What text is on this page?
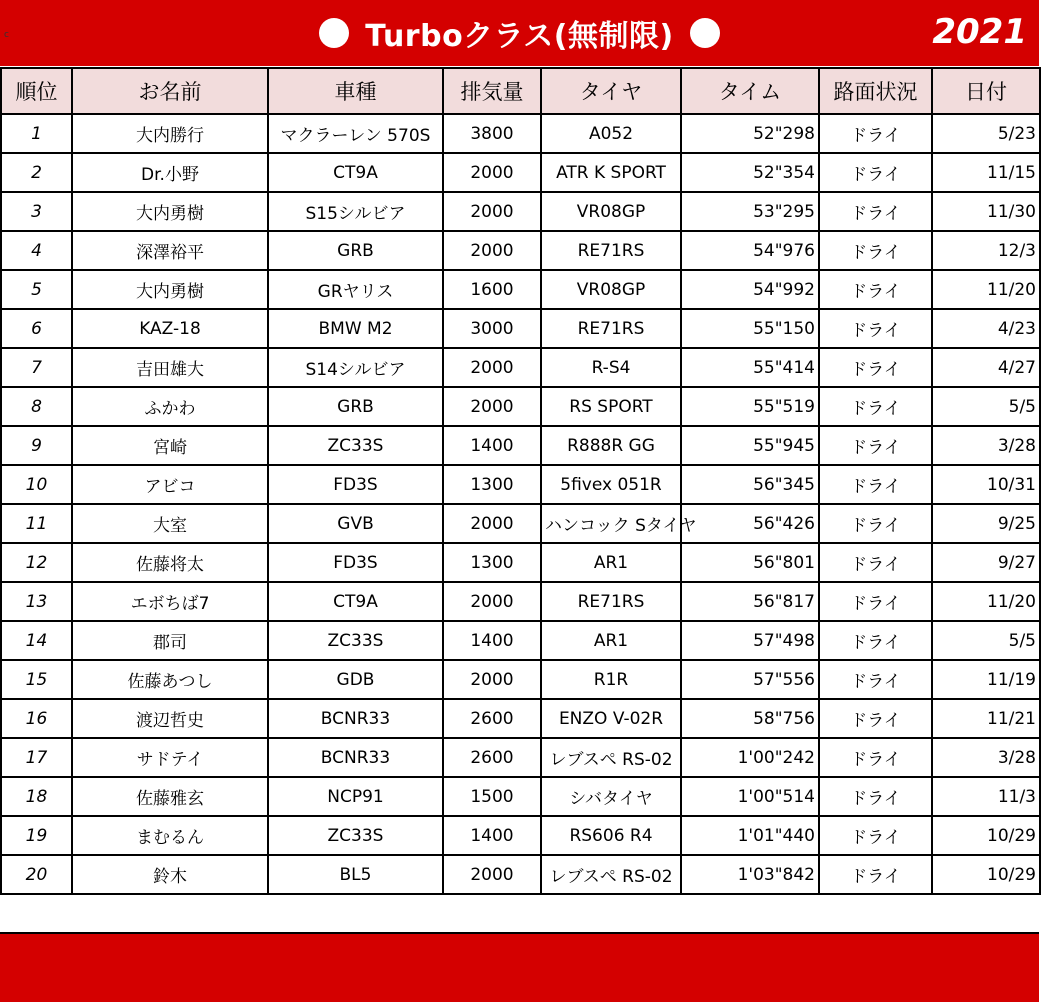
c	Turboクラス(無制限)	2021
順位	お名前	車種	排気量	タイヤ	タイム	路面状況	日付
1	大内勝行	マクラーレン 570S	3800	A052	52"298	ドライ	5/23
2	Dr.小野	CT9A	2000	ATR K SPORT	52"354	ドライ	11/15
3	大内勇樹	S15シルビア	2000	VR08GP	53"295	ドライ	11/30
4	深澤裕平	GRB	2000	RE71RS	54"976	ドライ	12/3
5	大内勇樹	GRヤリス	1600	VR08GP	54"992	ドライ	11/20
6	KAZ-18	BMW M2	3000	RE71RS	55"150	ドライ	4/23
7	吉田雄大	S14シルビア	2000	R-S4	55"414	ドライ	4/27
8	ふかわ	GRB	2000	RS SPORT	55"519	ドライ	5/5
9	宮崎	ZC33S	1400	R888R GG	55"945	ドライ	3/28
10	アビコ	FD3S	1300	5fivex 051R	56"345	ドライ	10/31
11	大室	GVB	2000	ハンコック Sタイヤ	56"426	ドライ	9/25
12	佐藤将太	FD3S	1300	AR1	56"801	ドライ	9/27
13	エボちば7	CT9A	2000	RE71RS	56"817	ドライ	11/20
14	郡司	ZC33S	1400	AR1	57"498	ドライ	5/5
15	佐藤あつし	GDB	2000	R1R	57"556	ドライ	11/19
16	渡辺哲史	BCNR33	2600	ENZO V-02R	58"756	ドライ	11/21
17	サドテイ	BCNR33	2600	レブスペ RS-02	1'00"242	ドライ	3/28
18	佐藤雅玄	NCP91	1500	シバタイヤ	1'00"514	ドライ	11/3
19	まむるん	ZC33S	1400	RS606 R4	1'01"440	ドライ	10/29
20	鈴木	BL5	2000	レブスペ RS-02	1'03"842	ドライ	10/29
